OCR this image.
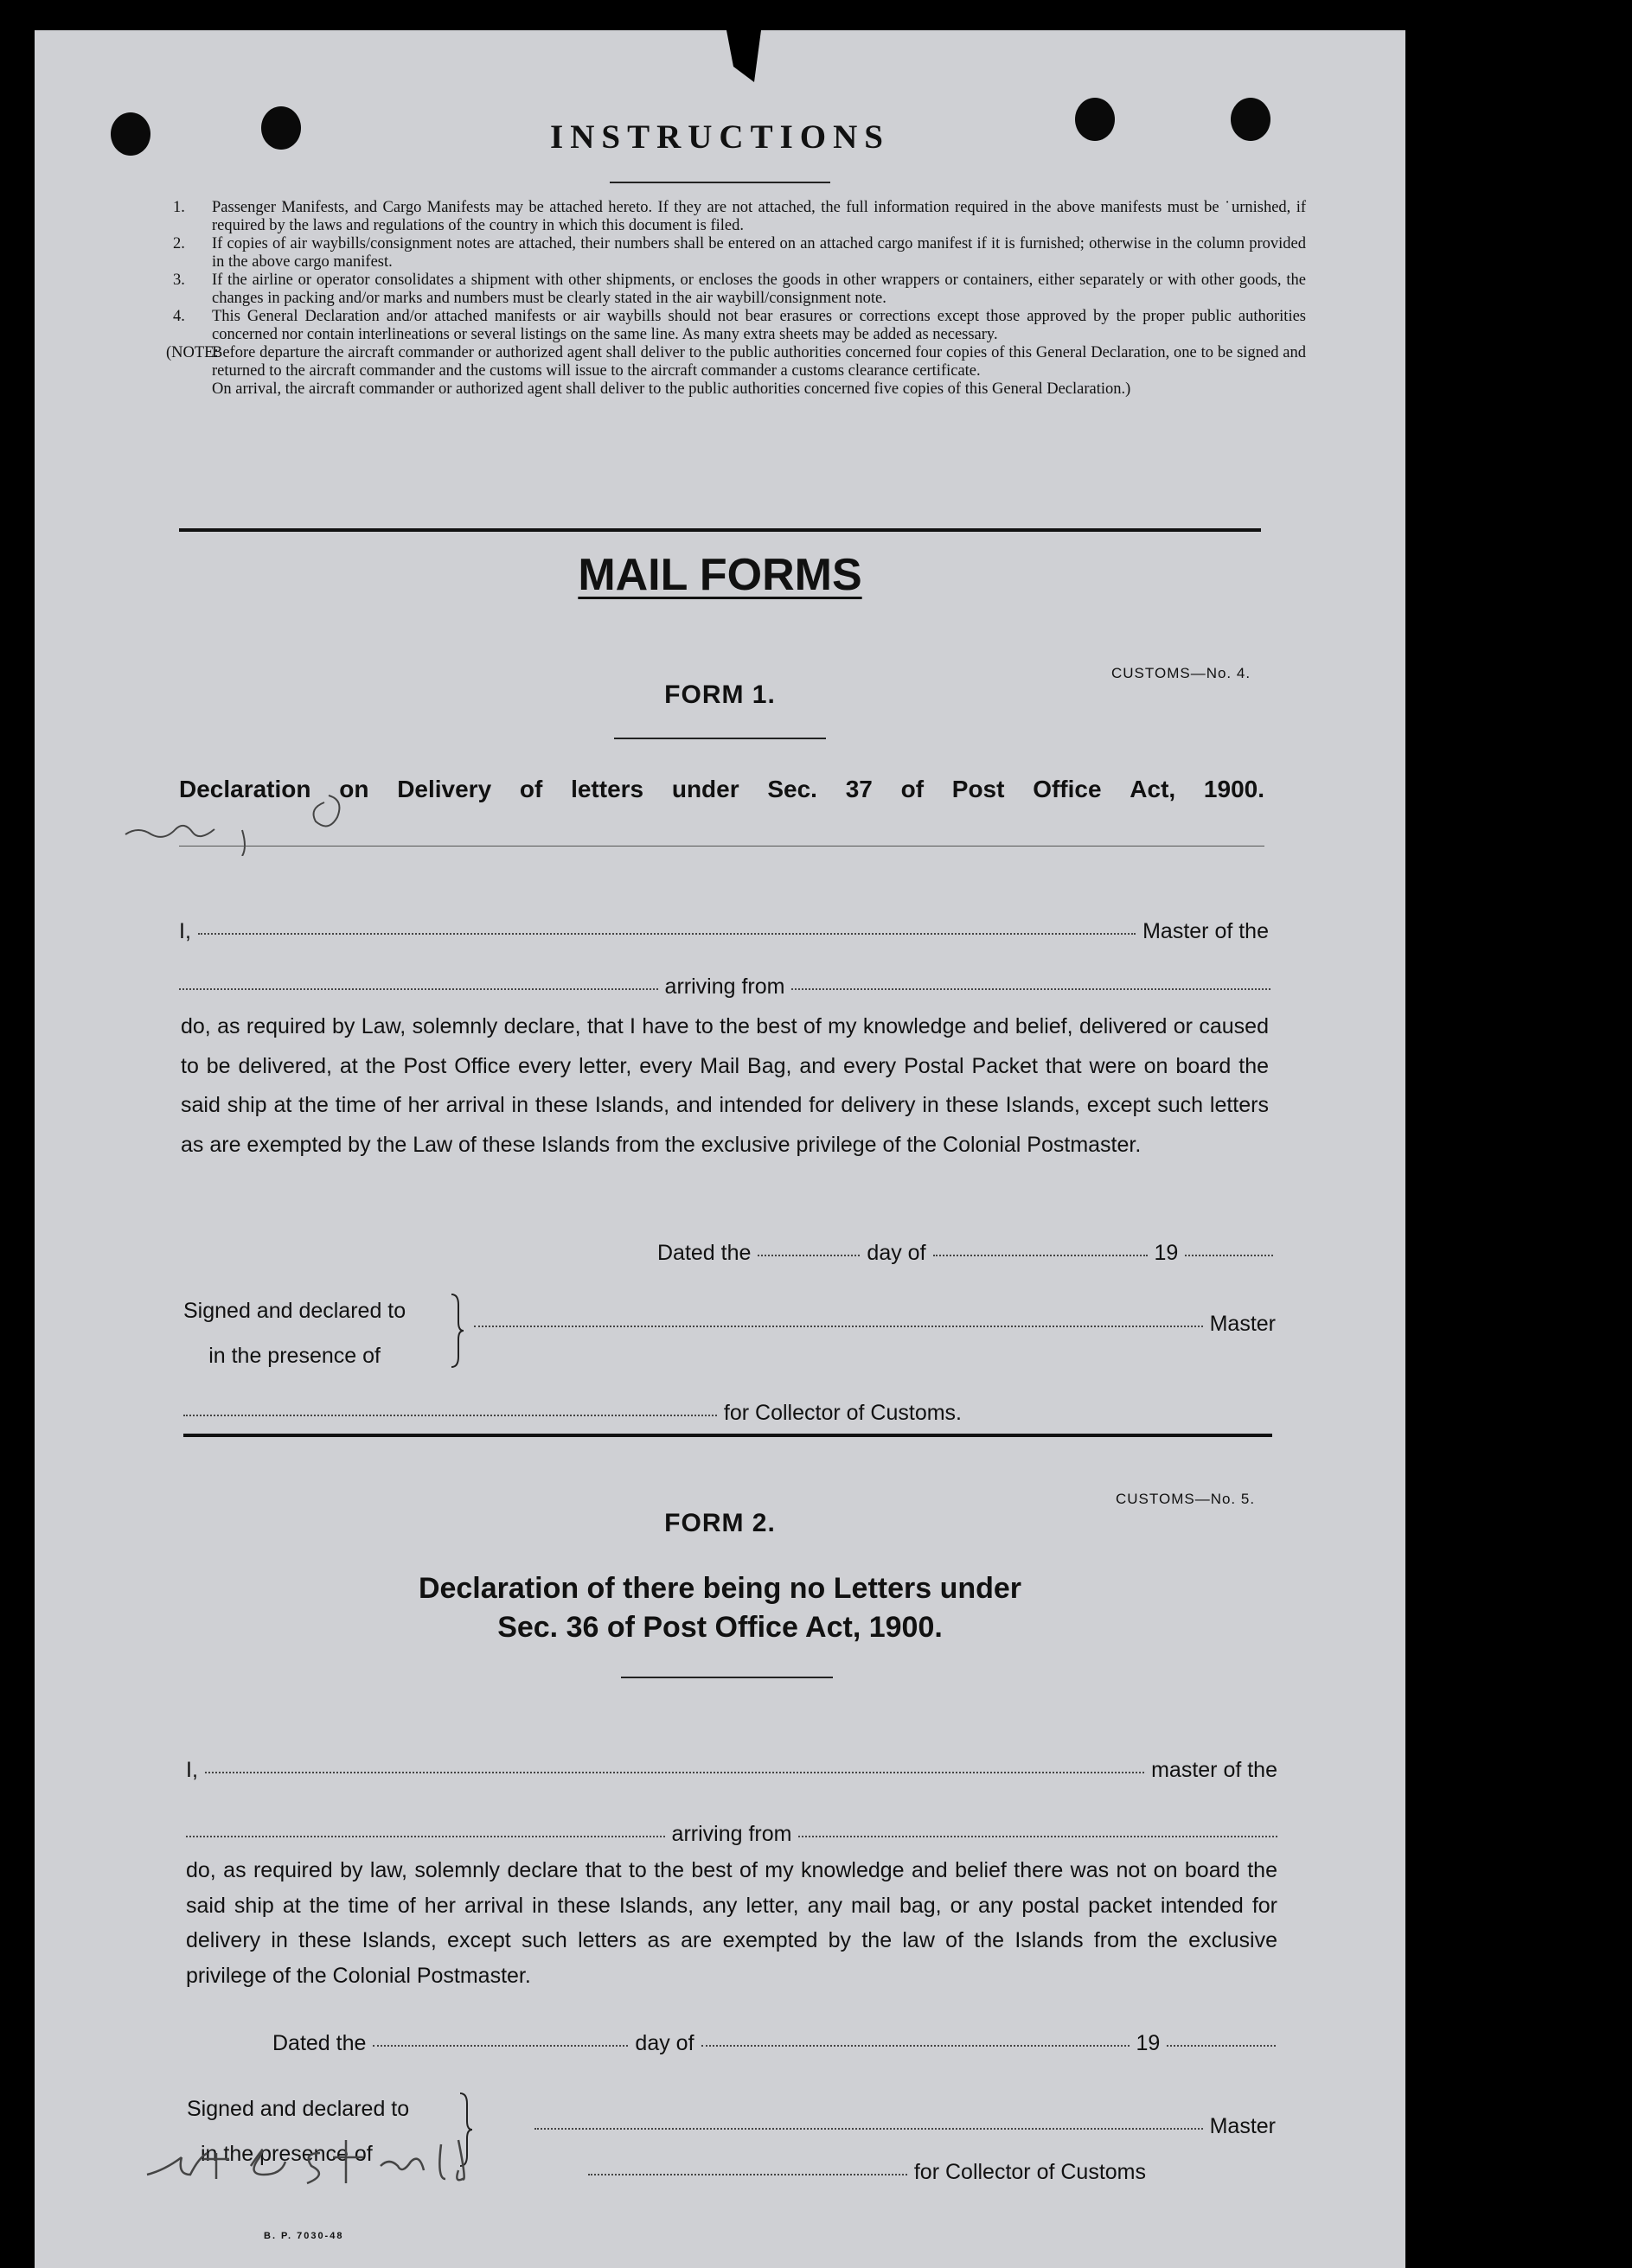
INSTRUCTIONS
1. Passenger Manifests, and Cargo Manifests may be attached hereto. If they are not attached, the full information required in the above manifests must be ˙urnished, if required by the laws and regulations of the country in which this document is filed.
2. If copies of air waybills/consignment notes are attached, their numbers shall be entered on an attached cargo manifest if it is furnished; otherwise in the column provided in the above cargo manifest.
3. If the airline or operator consolidates a shipment with other shipments, or encloses the goods in other wrappers or containers, either separately or with other goods, the changes in packing and/or marks and numbers must be clearly stated in the air waybill/consignment note.
4. This General Declaration and/or attached manifests or air waybills should not bear erasures or corrections except those approved by the proper public authorities concerned nor contain interlineations or several listings on the same line. As many extra sheets may be added as necessary.
(NOTE:
Before departure the aircraft commander or authorized agent shall deliver to the public authorities concerned four copies of this General Declaration, one to be signed and returned to the aircraft commander and the customs will issue to the aircraft commander a customs clearance certificate.
On arrival, the aircraft commander or authorized agent shall deliver to the public authorities concerned five copies of this General Declaration.)
MAIL FORMS
CUSTOMS—No. 4.
FORM 1.
Declaration on Delivery of letters under Sec. 37 of Post Office Act, 1900.
I,	Master of the
arriving from
do, as required by Law, solemnly declare, that I have to the best of my knowledge and belief, delivered or caused to be delivered, at the Post Office every letter, every Mail Bag, and every Postal Packet that were on board the said ship at the time of her arrival in these Islands, and intended for delivery in these Islands, except such letters as are exempted by the Law of these Islands from the exclusive privilege of the Colonial Postmaster.
Dated the	day of	19
Signed and declared to
in the presence of
Master
for Collector of Customs.
CUSTOMS—No. 5.
FORM 2.
Declaration of there being no Letters under
Sec. 36 of Post Office Act, 1900.
I,	master of the
arriving from
do, as required by law, solemnly declare that to the best of my knowledge and belief there was not on board the said ship at the time of her arrival in these Islands, any letter, any mail bag, or any postal packet intended for delivery in these Islands, except such letters as are exempted by the law of the Islands from the exclusive privilege of the Colonial Postmaster.
Dated the	day of	19
Signed and declared to
in the presence of
Master
for Collector of Customs
B. P. 7030-48
